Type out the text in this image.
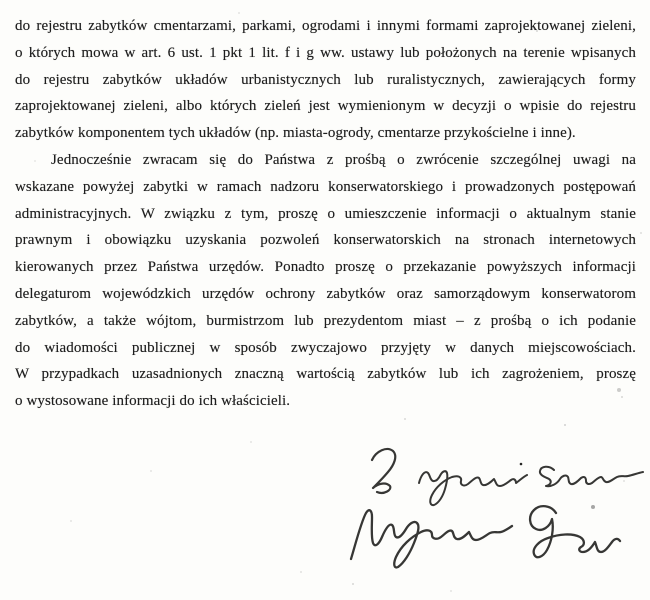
do rejestru zabytków cmentarzami, parkami, ogrodami i innymi formami zaprojektowanej zieleni,
o których mowa w art. 6 ust. 1 pkt 1 lit. f i g ww. ustawy lub położonych na terenie wpisanych
do rejestru zabytków układów urbanistycznych lub ruralistycznych, zawierających formy
zaprojektowanej zieleni, albo których zieleń jest wymienionym w decyzji o wpisie do rejestru
zabytków komponentem tych układów (np. miasta-ogrody, cmentarze przykościelne i inne).
Jednocześnie zwracam się do Państwa z prośbą o zwrócenie szczególnej uwagi na
wskazane powyżej zabytki w ramach nadzoru konserwatorskiego i prowadzonych postępowań
administracyjnych. W związku z tym, proszę o umieszczenie informacji o aktualnym stanie
prawnym i obowiązku uzyskania pozwoleń konserwatorskich na stronach internetowych
kierowanych przez Państwa urzędów. Ponadto proszę o przekazanie powyższych informacji
delegaturom wojewódzkich urzędów ochrony zabytków oraz samorządowym konserwatorom
zabytków, a także wójtom, burmistrzom lub prezydentom miast – z prośbą o ich podanie
do wiadomości publicznej w sposób zwyczajowo przyjęty w danych miejscowościach.
W przypadkach uzasadnionych znaczną wartością zabytków lub ich zagrożeniem, proszę
o wystosowane informacji do ich właścicieli.
